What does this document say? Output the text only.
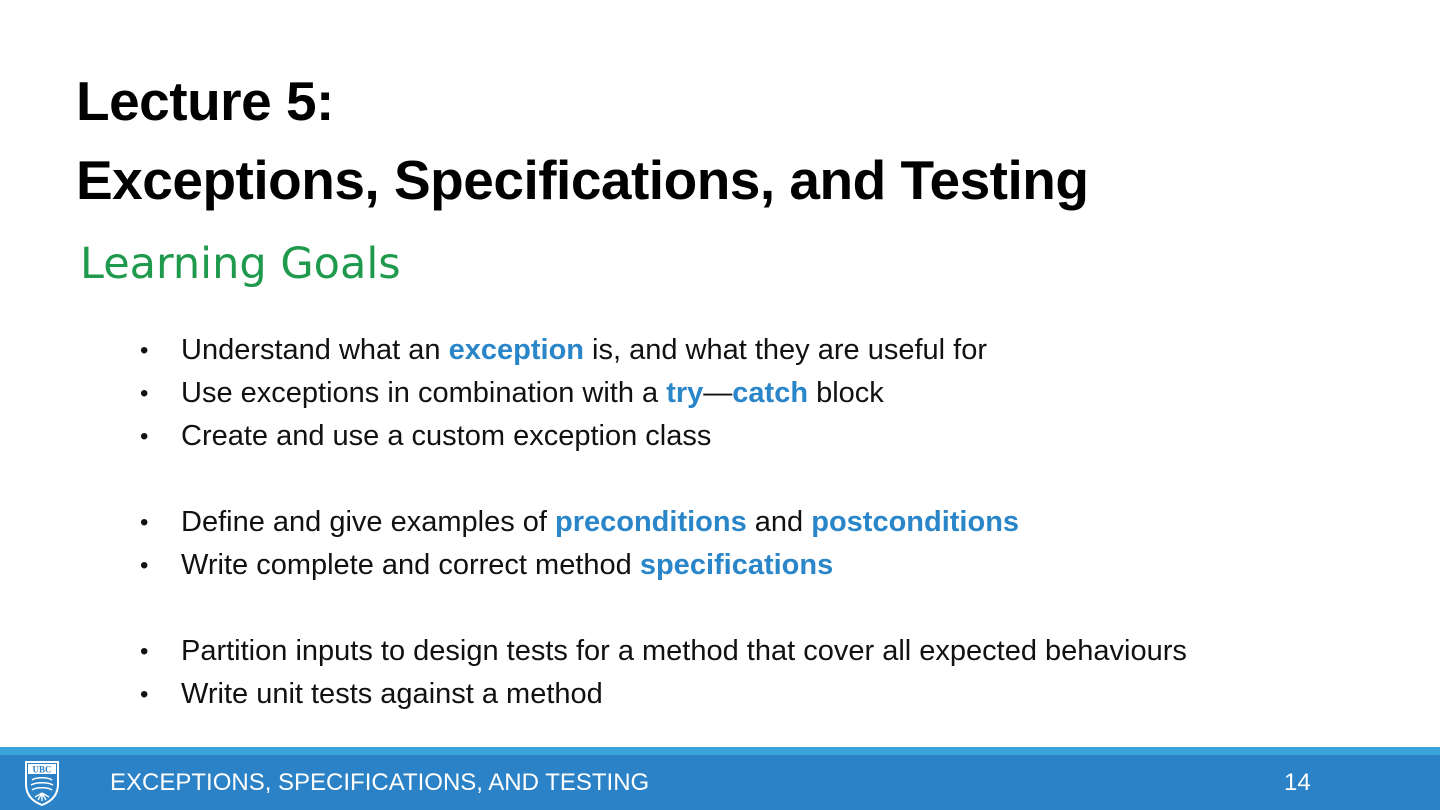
Lecture 5:
Exceptions, Specifications, and Testing
Learning Goals
• Understand what an exception is, and what they are useful for
• Use exceptions in combination with a try—catch block
• Create and use a custom exception class
• Define and give examples of preconditions and postconditions
• Write complete and correct method specifications
• Partition inputs to design tests for a method that cover all expected behaviours
• Write unit tests against a method
UBC EXCEPTIONS, SPECIFICATIONS, AND TESTING	14
